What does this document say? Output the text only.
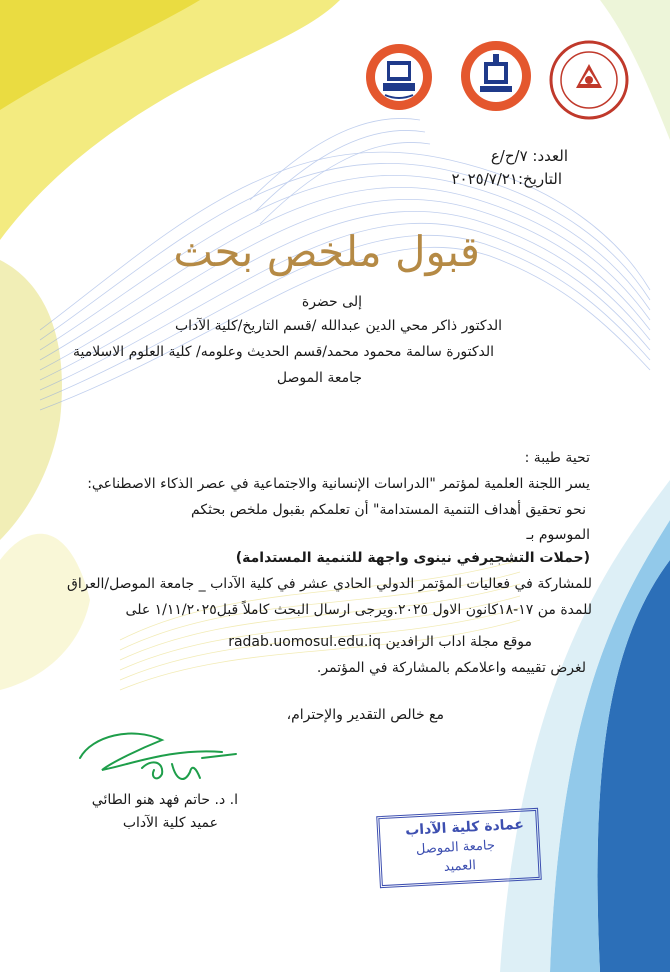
العدد: ٧/ح/ع
التاريخ:٢٠٢٥/٧/٢١
قبول ملخص بحث
إلى حضرة
الدكتور ذاكر محي الدين عبدالله /قسم التاريخ/كلية الآداب
الدكتورة سالمة محمود محمد/قسم الحديث وعلومه/ كلية العلوم الاسلامية
جامعة الموصل
تحية طيبة :
يسر اللجنة العلمية لمؤتمر "الدراسات الإنسانية والاجتماعية في عصر الذكاء الاصطناعي:
نحو تحقيق أهداف التنمية المستدامة" أن تعلمكم بقبول ملخص بحثكم
الموسوم بـ
(حملات التشجيرفي نينوى واجهة للتنمية المستدامة)
للمشاركة في فعاليات المؤتمر الدولي الحادي عشر في كلية الآداب _ جامعة الموصل/العراق
للمدة من ١٧-١٨كانون الاول ٢٠٢٥.ويرجى ارسال البحث كاملاً قبل١/١١/٢٠٢٥ على
موقع مجلة اداب الرافدين radab.uomosul.edu.iq
لغرض تقييمه واعلامكم بالمشاركة في المؤتمر.
مع خالص التقدير والإحترام،
ا. د. حاتم فهد هنو الطائي
عميد كلية الآداب	عمادة كلية الآداب
جامعة الموصل
العميد
